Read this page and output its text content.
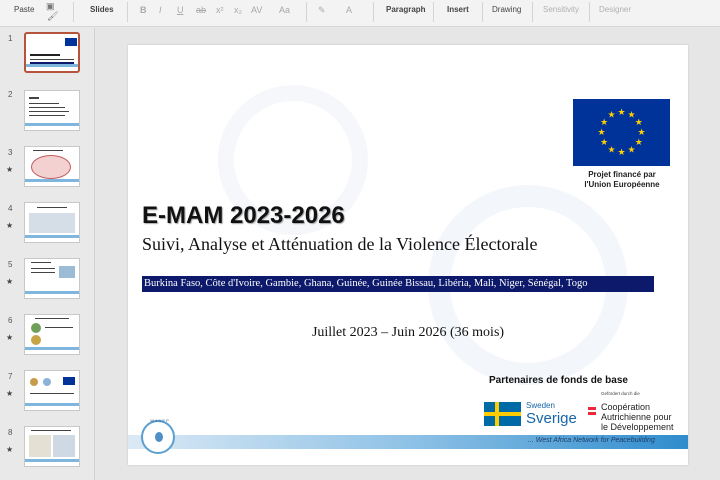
▣
Paste
🖌
Slides	B I U ab x² x₂ AV Aa	✎ A	Paragraph	Insert	Drawing	Sensitivity Designer
1
2
3
★
4
★
5
★
6
★
7
★
8
★
★ ★
★
★
★
★
★
★
★
★
★
★
Projet financé par
l'Union Européenne
E-MAM 2023-2026
Suivi, Analyse et Atténuation de la Violence Électorale
Burkina Faso, Côte d'Ivoire, Gambie, Ghana, Guinée, Guinée Bissau, Libéria, Mali, Niger, Sénégal, Togo
Juillet 2023 – Juin 2026 (36 mois)
Partenaires de fonds de base
Sweden
Sverige
Gefördert durch die
Coopération
Autrichienne pour
le Développement
... West Africa Network for Peacebuilding
WANEP
